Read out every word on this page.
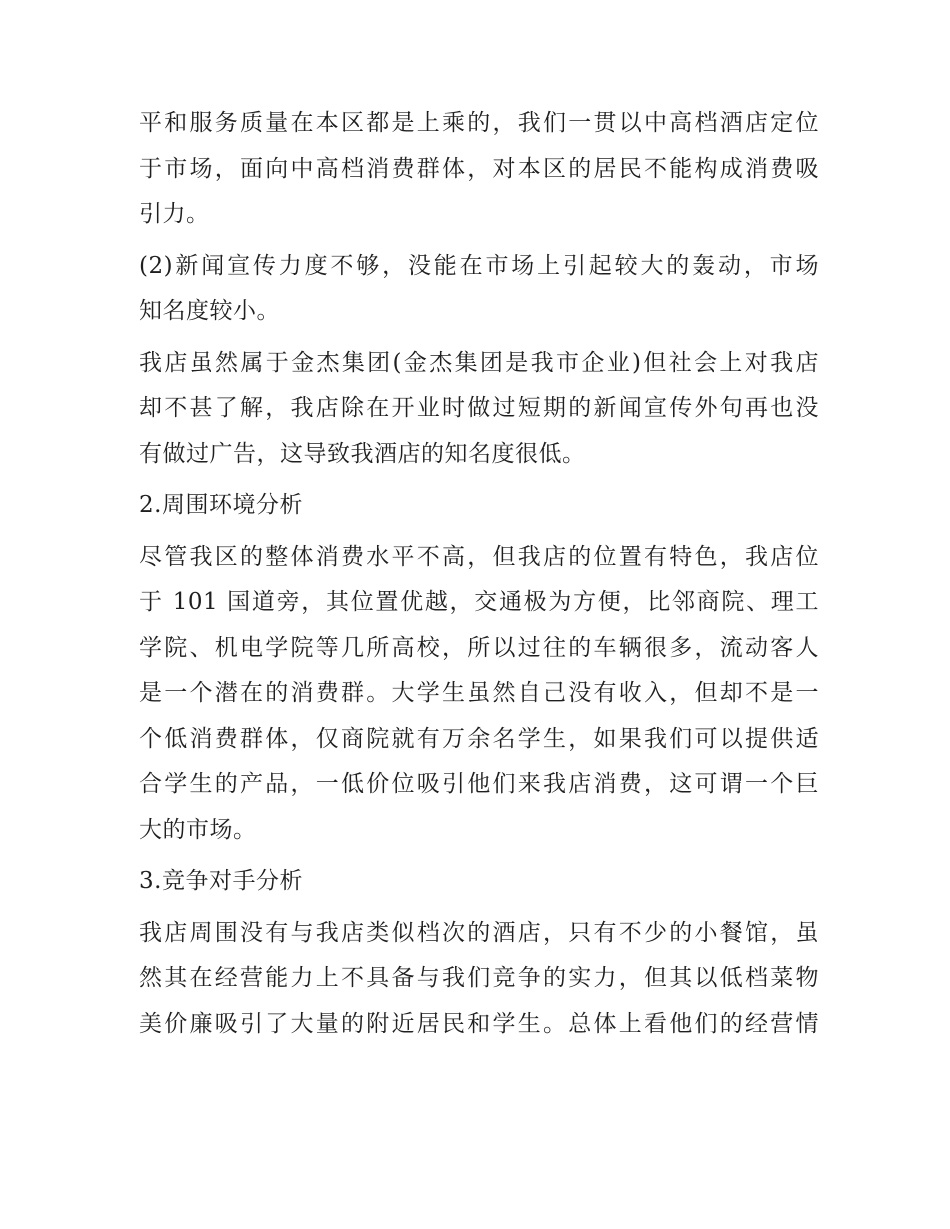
平和服务质量在本区都是上乘的，我们一贯以中高档酒店定位
于市场，面向中高档消费群体，对本区的居民不能构成消费吸
引力。

(2)新闻宣传力度不够，没能在市场上引起较大的轰动，市场
知名度较小。

我店虽然属于金杰集团(金杰集团是我市企业)但社会上对我店
却不甚了解，我店除在开业时做过短期的新闻宣传外句再也没
有做过广告，这导致我酒店的知名度很低。

2.周围环境分析

尽管我区的整体消费水平不高，但我店的位置有特色，我店位
于 101 国道旁，其位置优越，交通极为方便，比邻商院、理工
学院、机电学院等几所高校，所以过往的车辆很多，流动客人
是一个潜在的消费群。大学生虽然自己没有收入，但却不是一
个低消费群体，仅商院就有万余名学生，如果我们可以提供适
合学生的产品，一低价位吸引他们来我店消费，这可谓一个巨
大的市场。

3.竞争对手分析

我店周围没有与我店类似档次的酒店，只有不少的小餐馆，虽
然其在经营能力上不具备与我们竞争的实力，但其以低档菜物
美价廉吸引了大量的附近居民和学生。总体上看他们的经营情
